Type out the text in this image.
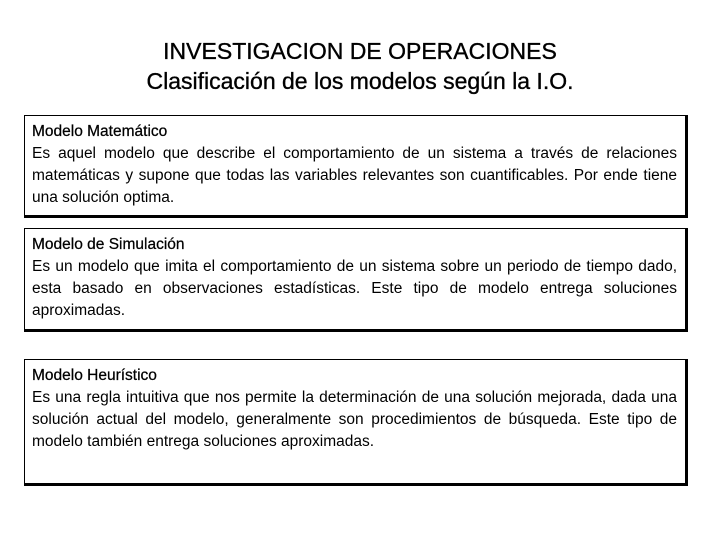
INVESTIGACION DE OPERACIONES

Clasificación de los modelos según la I.O.

Modelo Matemático

Es aquel modelo que describe el comportamiento de un sistema a través de relaciones matemáticas y supone que todas las variables relevantes son cuantificables. Por ende tiene una solución optima.

Modelo de Simulación

Es un modelo que imita el comportamiento de un sistema sobre un periodo de tiempo dado, esta basado en observaciones estadísticas. Este tipo de modelo entrega soluciones aproximadas.

Modelo Heurístico

Es una regla intuitiva que nos permite la determinación de una solución mejorada, dada una solución actual del modelo, generalmente son procedimientos de búsqueda. Este tipo de modelo también entrega soluciones aproximadas.
